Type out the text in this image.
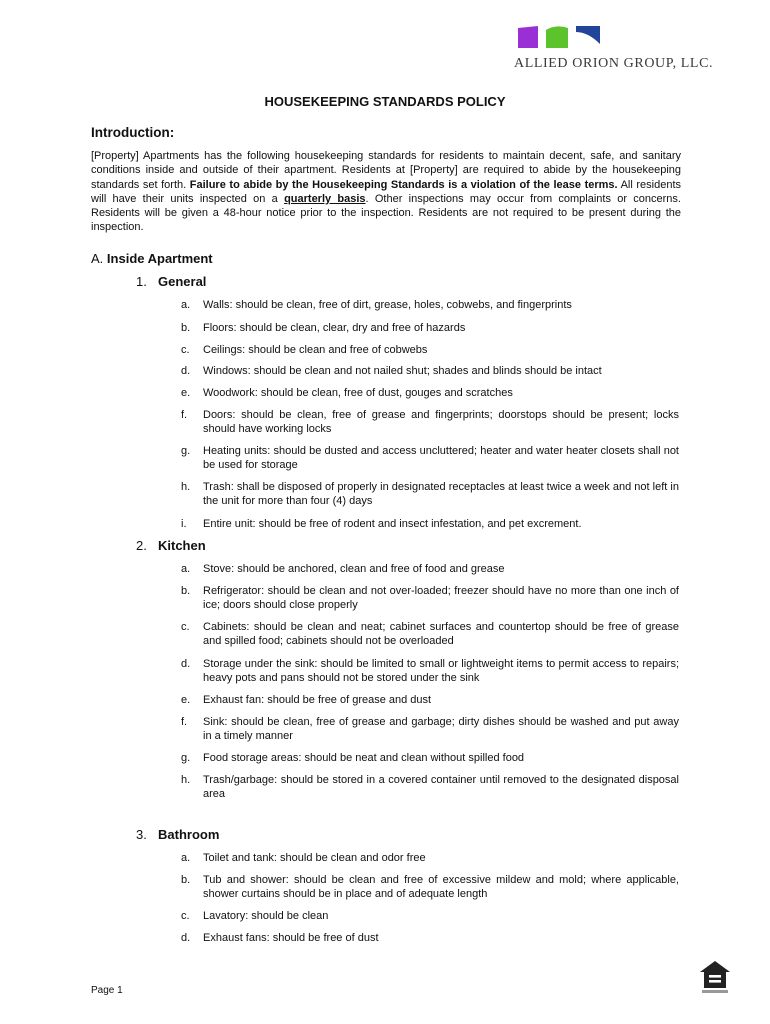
ALLIED ORION GROUP, LLC.
HOUSEKEEPING STANDARDS POLICY
Introduction:
[Property] Apartments has the following housekeeping standards for residents to maintain decent, safe, and sanitary conditions inside and outside of their apartment. Residents at [Property] are required to abide by the housekeeping standards set forth. Failure to abide by the Housekeeping Standards is a violation of the lease terms. All residents will have their units inspected on a quarterly basis. Other inspections may occur from complaints or concerns. Residents will be given a 48-hour notice prior to the inspection. Residents are not required to be present during the inspection.
A. Inside Apartment
1. General
a. Walls: should be clean, free of dirt, grease, holes, cobwebs, and fingerprints
b. Floors: should be clean, clear, dry and free of hazards
c. Ceilings: should be clean and free of cobwebs
d. Windows: should be clean and not nailed shut; shades and blinds should be intact
e. Woodwork: should be clean, free of dust, gouges and scratches
f. Doors: should be clean, free of grease and fingerprints; doorstops should be present; locks should have working locks
g. Heating units: should be dusted and access uncluttered; heater and water heater closets shall not be used for storage
h. Trash: shall be disposed of properly in designated receptacles at least twice a week and not left in the unit for more than four (4) days
i. Entire unit: should be free of rodent and insect infestation, and pet excrement.
2. Kitchen
a. Stove: should be anchored, clean and free of food and grease
b. Refrigerator: should be clean and not over-loaded; freezer should have no more than one inch of ice; doors should close properly
c. Cabinets: should be clean and neat; cabinet surfaces and countertop should be free of grease and spilled food; cabinets should not be overloaded
d. Storage under the sink: should be limited to small or lightweight items to permit access to repairs; heavy pots and pans should not be stored under the sink
e. Exhaust fan: should be free of grease and dust
f. Sink: should be clean, free of grease and garbage; dirty dishes should be washed and put away in a timely manner
g. Food storage areas: should be neat and clean without spilled food
h. Trash/garbage: should be stored in a covered container until removed to the designated disposal area
3. Bathroom
a. Toilet and tank: should be clean and odor free
b. Tub and shower: should be clean and free of excessive mildew and mold; where applicable, shower curtains should be in place and of adequate length
c. Lavatory: should be clean
d. Exhaust fans: should be free of dust
Page 1
